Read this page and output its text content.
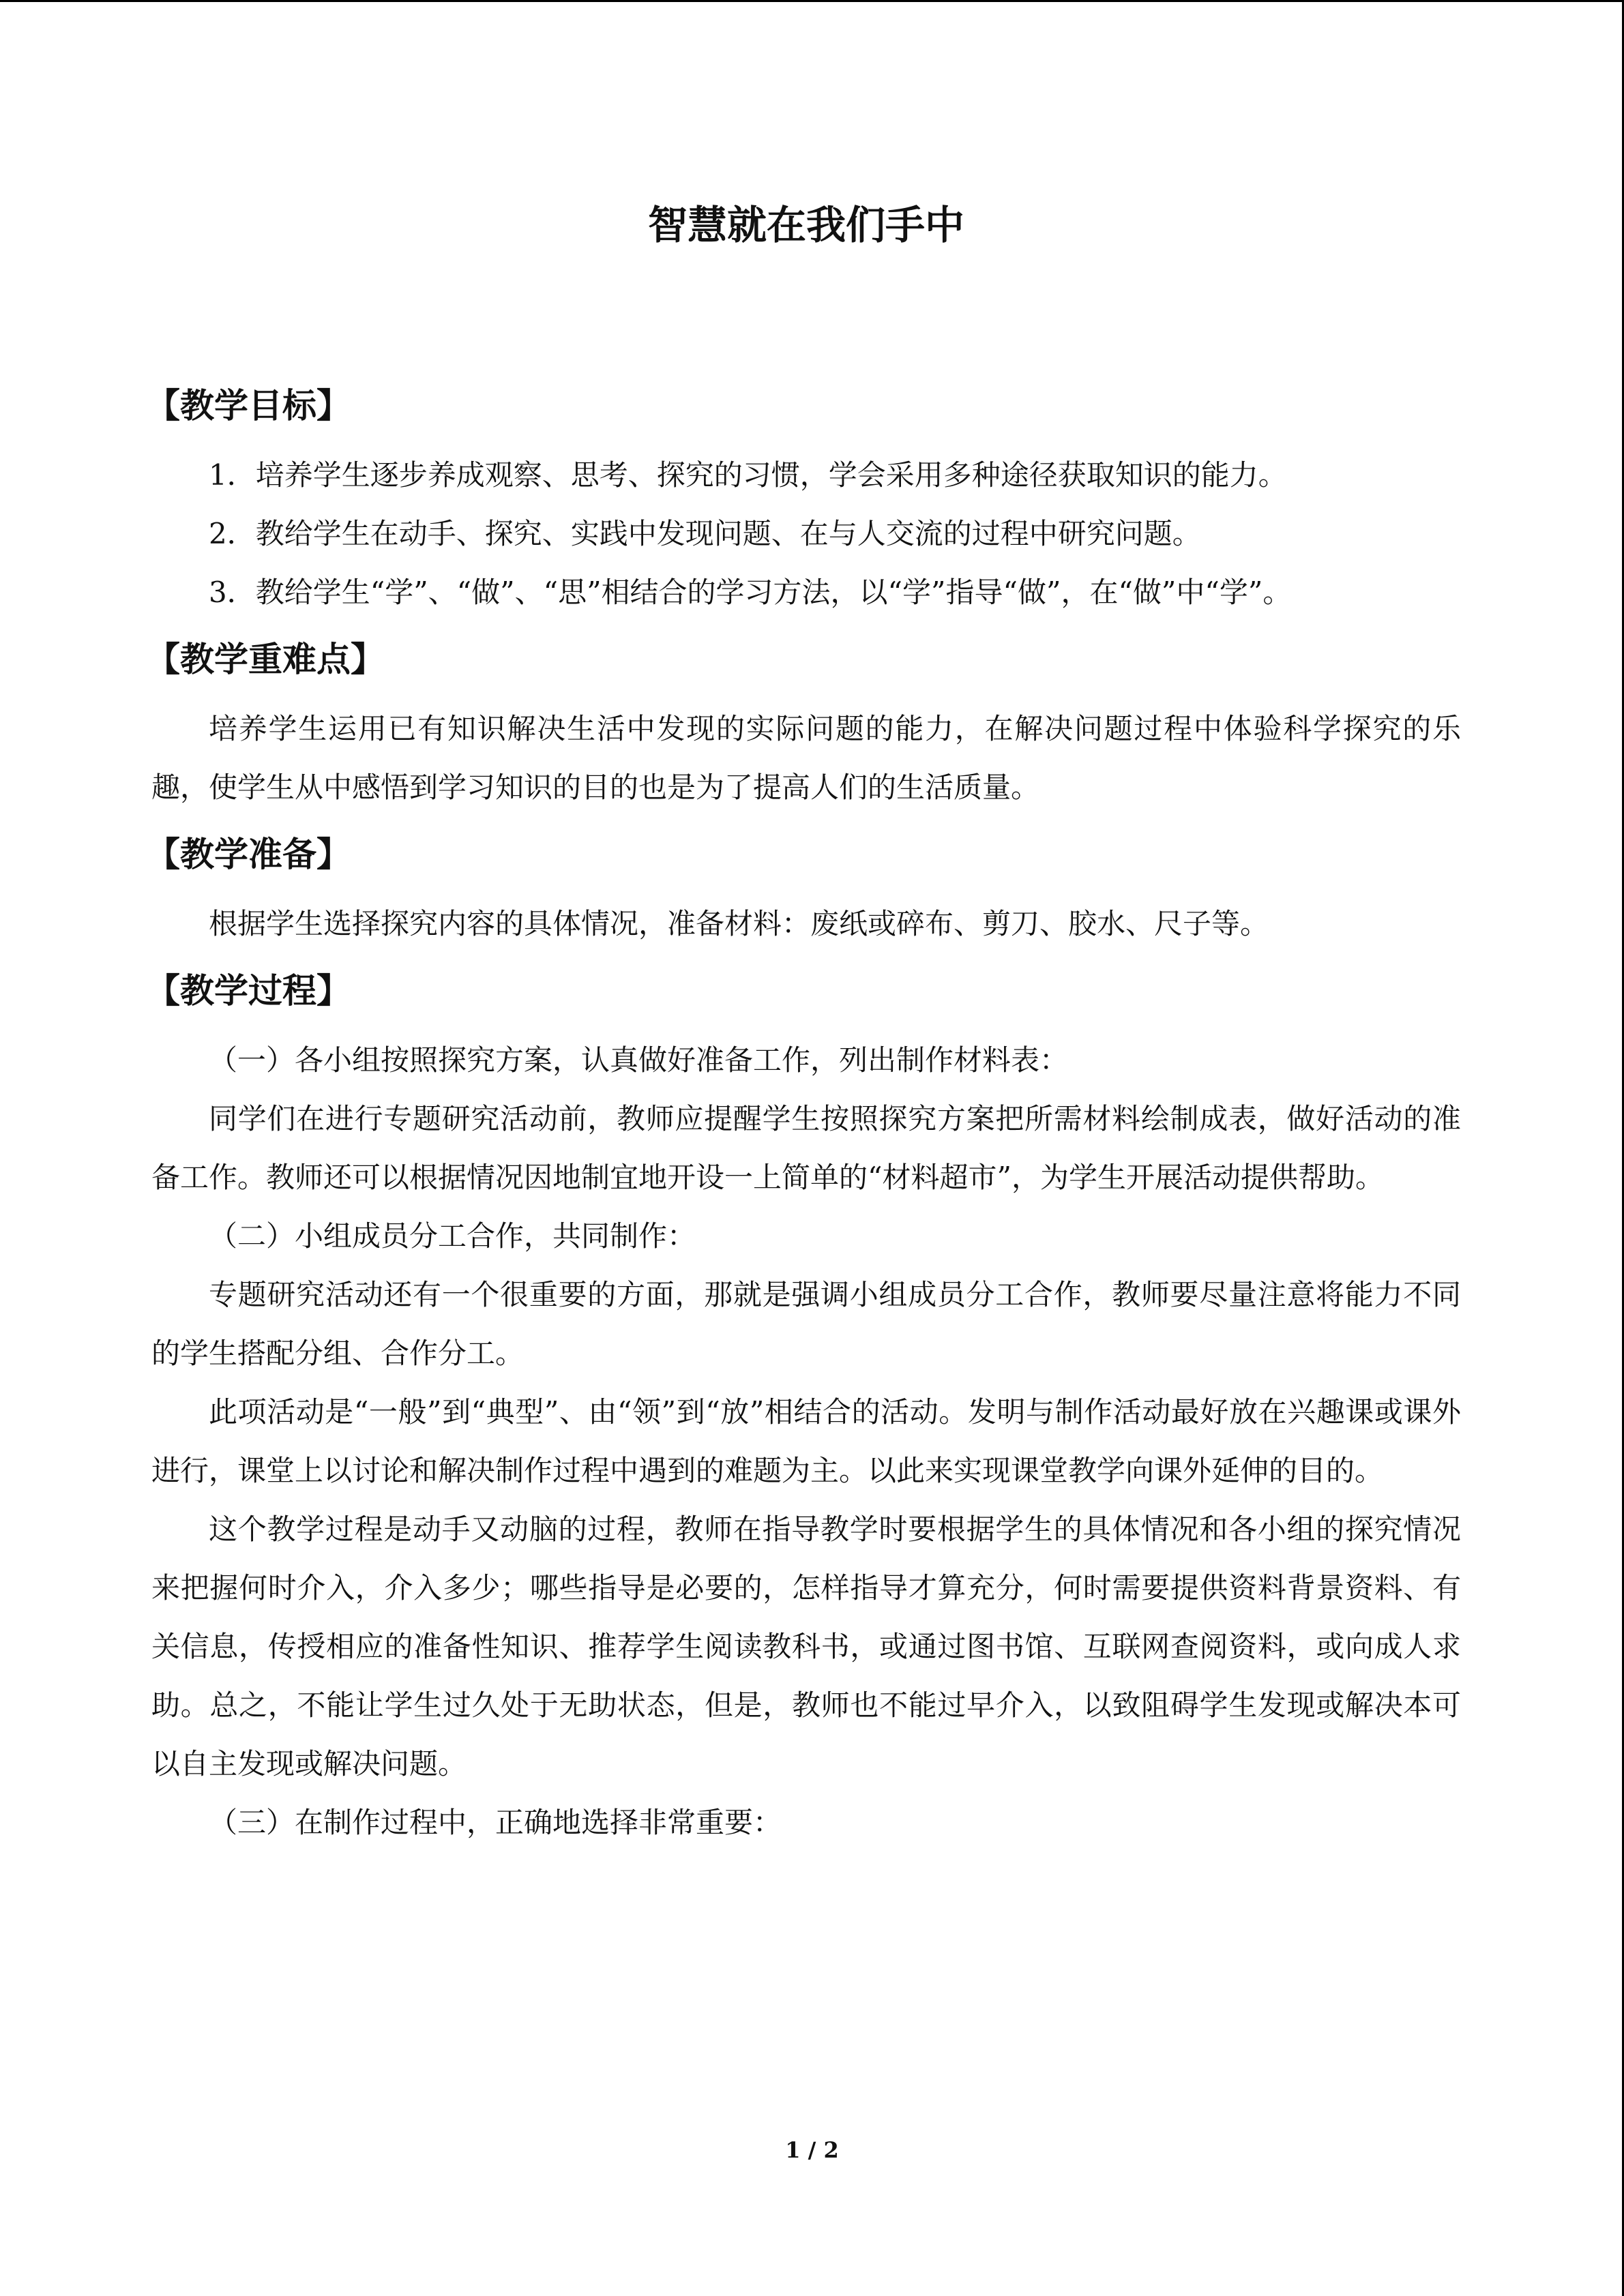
智慧就在我们手中
【教学目标】

1．培养学生逐步养成观察、思考、探究的习惯，学会采用多种途径获取知识的能力。

2．教给学生在动手、探究、实践中发现问题、在与人交流的过程中研究问题。

3．教给学生“学”、“做”、“思”相结合的学习方法，以“学”指导“做”，在“做”中“学”。

【教学重难点】

培养学生运用已有知识解决生活中发现的实际问题的能力，在解决问题过程中体验科学探究的乐趣，使学生从中感悟到学习知识的目的也是为了提高人们的生活质量。

【教学准备】

根据学生选择探究内容的具体情况，准备材料：废纸或碎布、剪刀、胶水、尺子等。

【教学过程】

（一）各小组按照探究方案，认真做好准备工作，列出制作材料表：

同学们在进行专题研究活动前，教师应提醒学生按照探究方案把所需材料绘制成表，做好活动的准备工作。教师还可以根据情况因地制宜地开设一上简单的“材料超市”，为学生开展活动提供帮助。

（二）小组成员分工合作，共同制作：

专题研究活动还有一个很重要的方面，那就是强调小组成员分工合作，教师要尽量注意将能力不同的学生搭配分组、合作分工。

此项活动是“一般”到“典型”、由“领”到“放”相结合的活动。发明与制作活动最好放在兴趣课或课外进行，课堂上以讨论和解决制作过程中遇到的难题为主。以此来实现课堂教学向课外延伸的目的。

这个教学过程是动手又动脑的过程，教师在指导教学时要根据学生的具体情况和各小组的探究情况来把握何时介入，介入多少；哪些指导是必要的，怎样指导才算充分，何时需要提供资料背景资料、有关信息，传授相应的准备性知识、推荐学生阅读教科书，或通过图书馆、互联网查阅资料，或向成人求助。总之，不能让学生过久处于无助状态，但是，教师也不能过早介入，以致阻碍学生发现或解决本可以自主发现或解决问题。

（三）在制作过程中，正确地选择非常重要：

1 / 2
